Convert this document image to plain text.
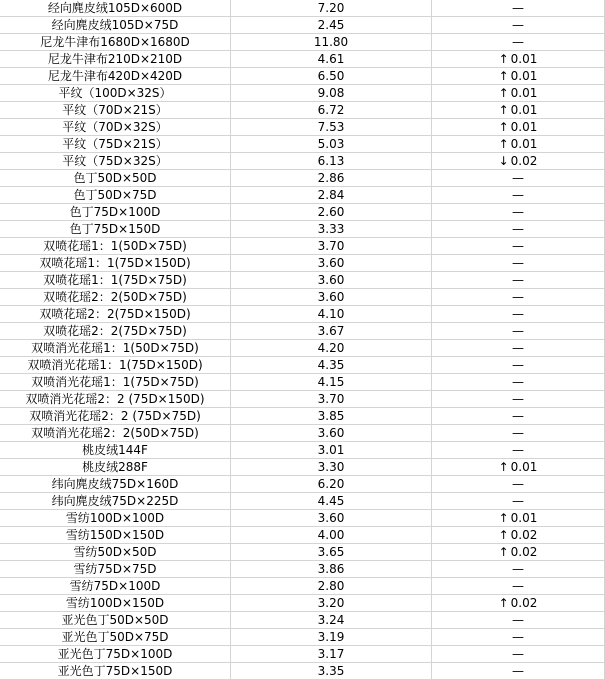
经向麂皮绒105D×600D	7.20	—
经向麂皮绒105D×75D	2.45	—
尼龙牛津布1680D×1680D	11.80	—
尼龙牛津布210D×210D	4.61	↑ 0.01
尼龙牛津布420D×420D	6.50	↑ 0.01
平纹（100D×32S）	9.08	↑ 0.01
平纹（70D×21S）	6.72	↑ 0.01
平纹（70D×32S）	7.53	↑ 0.01
平纹（75D×21S）	5.03	↑ 0.01
平纹（75D×32S）	6.13	↓ 0.02
色丁50D×50D	2.86	—
色丁50D×75D	2.84	—
色丁75D×100D	2.60	—
色丁75D×150D	3.33	—
双喷花瑶1：1(50D×75D)	3.70	—
双喷花瑶1：1(75D×150D)	3.60	—
双喷花瑶1：1(75D×75D)	3.60	—
双喷花瑶2：2(50D×75D)	3.60	—
双喷花瑶2：2(75D×150D)	4.10	—
双喷花瑶2：2(75D×75D)	3.67	—
双喷消光花瑶1：1(50D×75D)	4.20	—
双喷消光花瑶1：1(75D×150D)	4.35	—
双喷消光花瑶1：1(75D×75D)	4.15	—
双喷消光花瑶2：2 (75D×150D)	3.70	—
双喷消光花瑶2：2 (75D×75D)	3.85	—
双喷消光花瑶2：2(50D×75D)	3.60	—
桃皮绒144F	3.01	—
桃皮绒288F	3.30	↑ 0.01
纬向麂皮绒75D×160D	6.20	—
纬向麂皮绒75D×225D	4.45	—
雪纺100D×100D	3.60	↑ 0.01
雪纺150D×150D	4.00	↑ 0.02
雪纺50D×50D	3.65	↑ 0.02
雪纺75D×75D	3.86	—
雪纺75D×100D	2.80	—
雪纺100D×150D	3.20	↑ 0.02
亚光色丁50D×50D	3.24	—
亚光色丁50D×75D	3.19	—
亚光色丁75D×100D	3.17	—
亚光色丁75D×150D	3.35	—
